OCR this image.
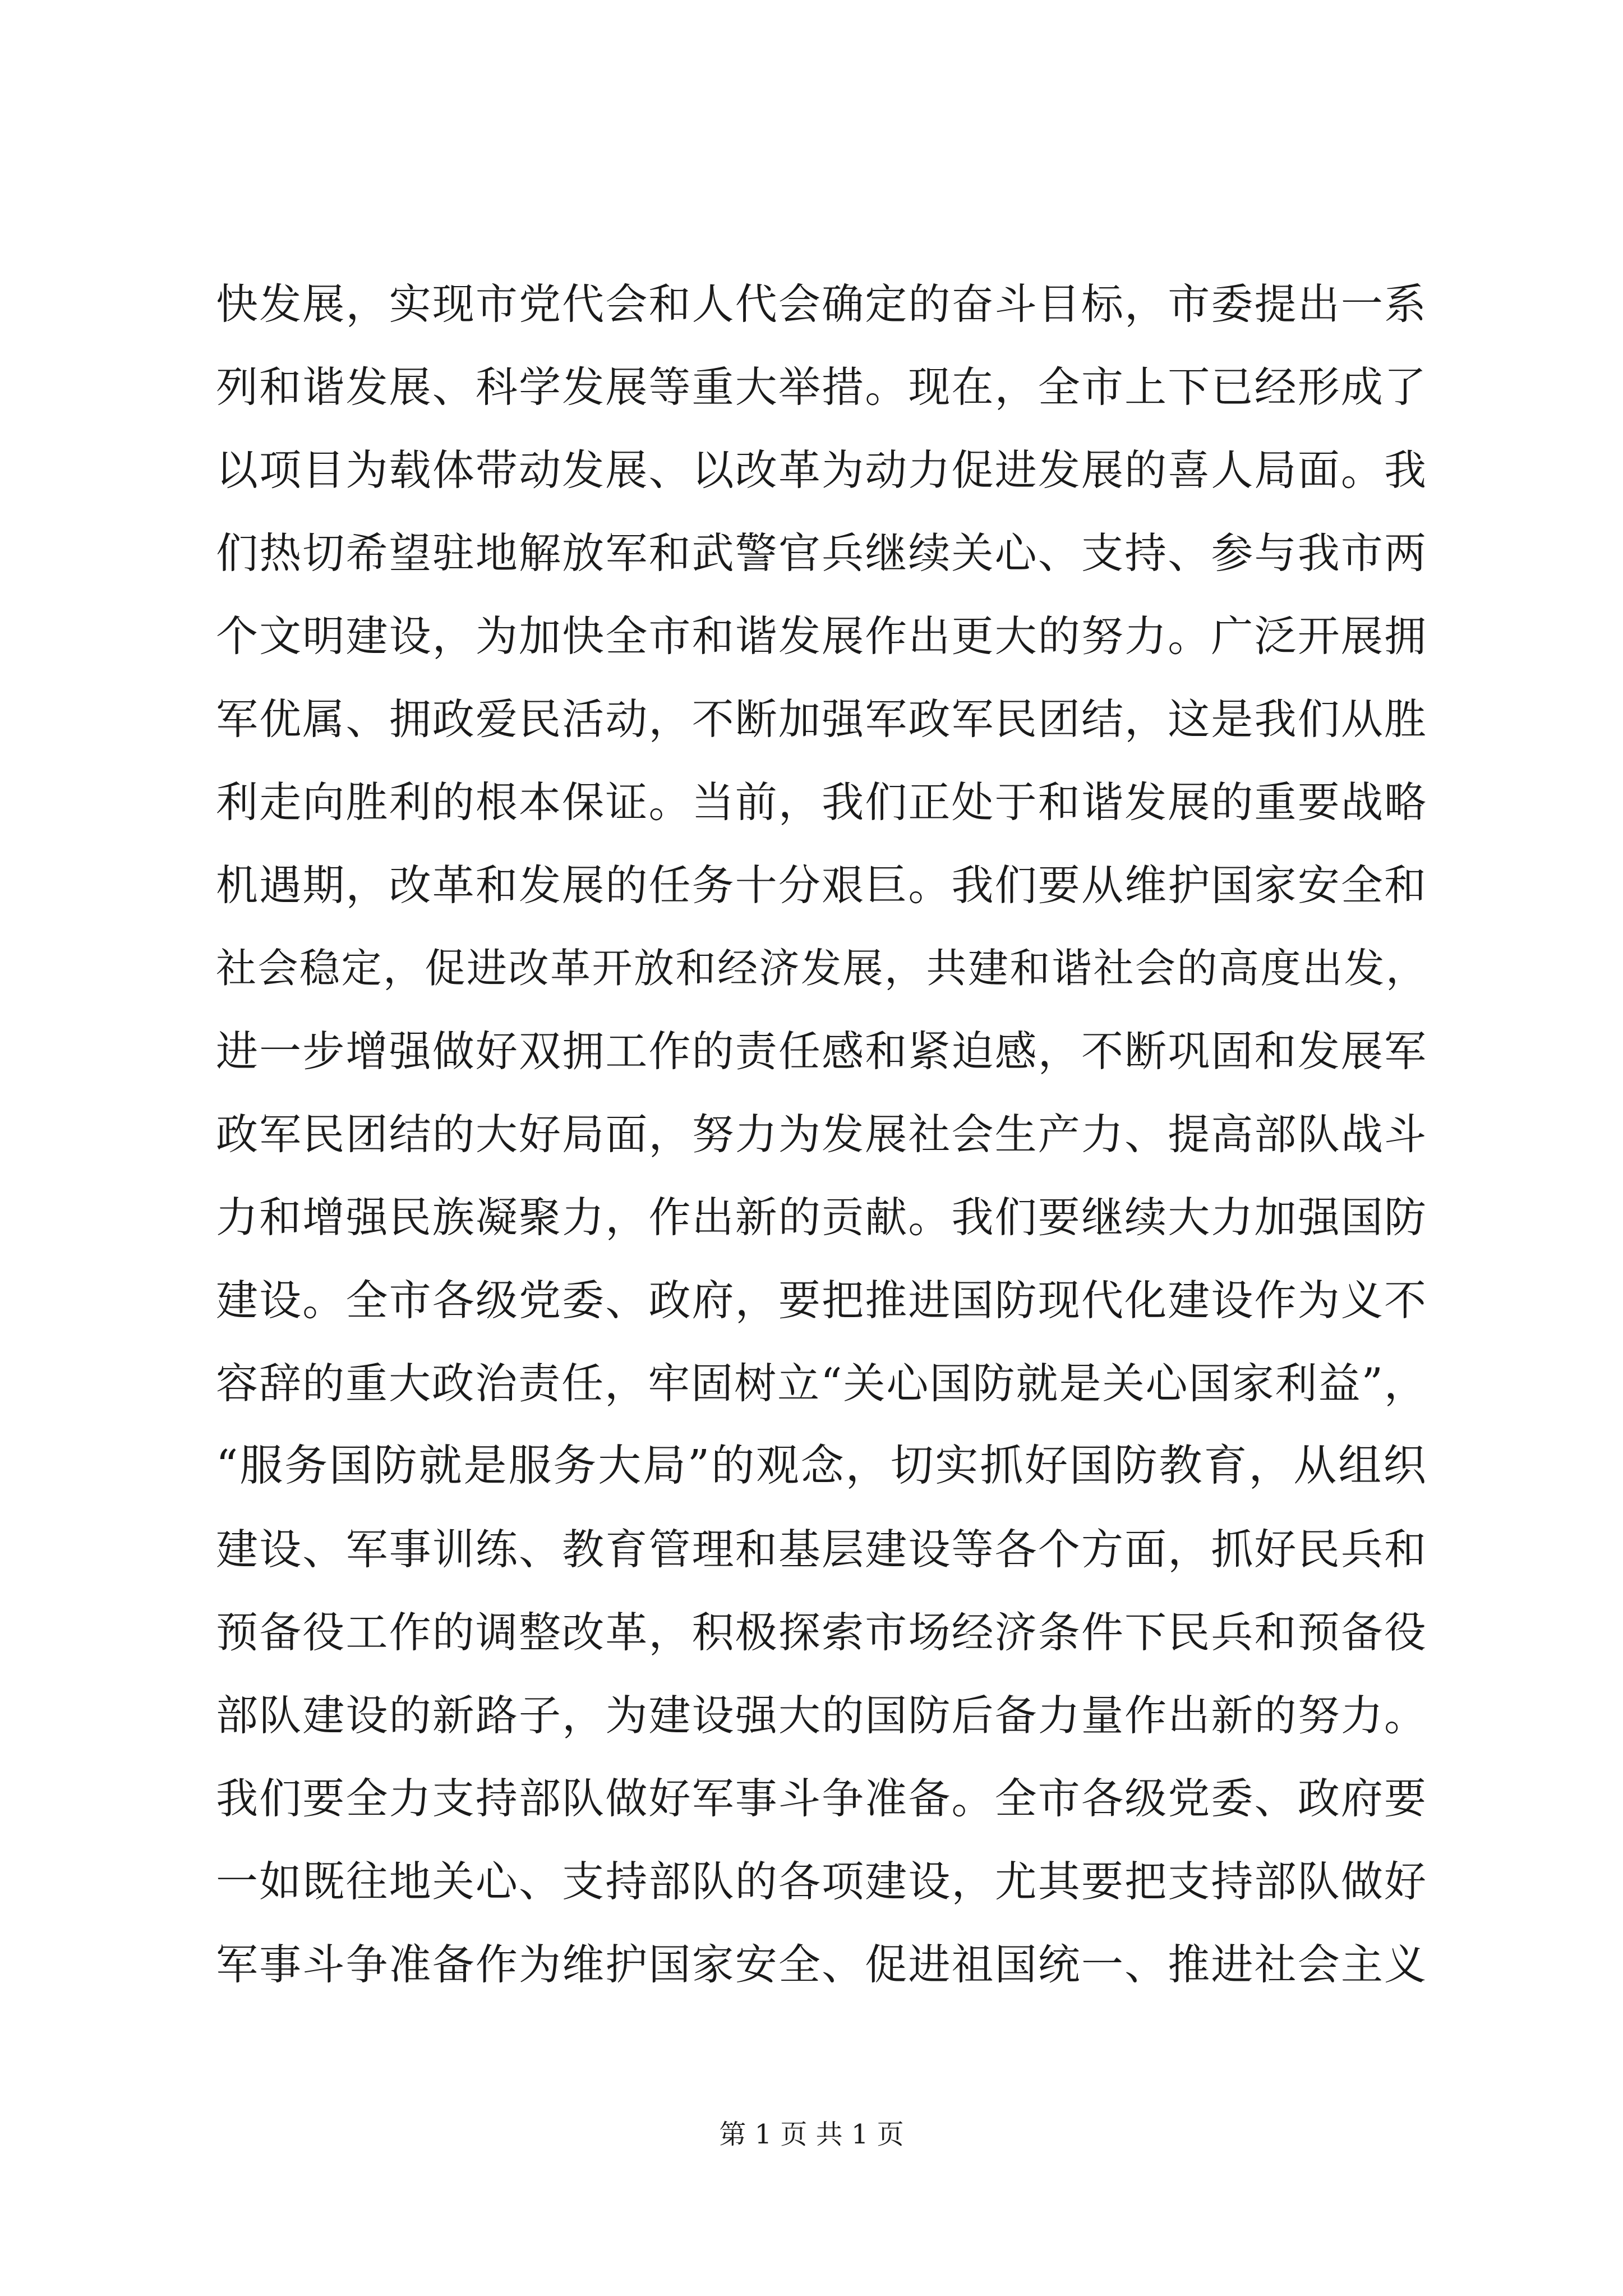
快发展，实现市党代会和人代会确定的奋斗目标，市委提出一系
列和谐发展、科学发展等重大举措。现在，全市上下已经形成了
以项目为载体带动发展、以改革为动力促进发展的喜人局面。我
们热切希望驻地解放军和武警官兵继续关心、支持、参与我市两
个文明建设，为加快全市和谐发展作出更大的努力。广泛开展拥
军优属、拥政爱民活动，不断加强军政军民团结，这是我们从胜
利走向胜利的根本保证。当前，我们正处于和谐发展的重要战略
机遇期，改革和发展的任务十分艰巨。我们要从维护国家安全和
社会稳定，促进改革开放和经济发展，共建和谐社会的高度出发，
进一步增强做好双拥工作的责任感和紧迫感，不断巩固和发展军
政军民团结的大好局面，努力为发展社会生产力、提高部队战斗
力和增强民族凝聚力，作出新的贡献。我们要继续大力加强国防
建设。全市各级党委、政府，要把推进国防现代化建设作为义不
容辞的重大政治责任，牢固树立“关心国防就是关心国家利益”，
“服务国防就是服务大局”的观念，切实抓好国防教育，从组织
建设、军事训练、教育管理和基层建设等各个方面，抓好民兵和
预备役工作的调整改革，积极探索市场经济条件下民兵和预备役
部队建设的新路子，为建设强大的国防后备力量作出新的努力。
我们要全力支持部队做好军事斗争准备。全市各级党委、政府要
一如既往地关心、支持部队的各项建设，尤其要把支持部队做好
军事斗争准备作为维护国家安全、促进祖国统一、推进社会主义
第 1 页 共 1 页
